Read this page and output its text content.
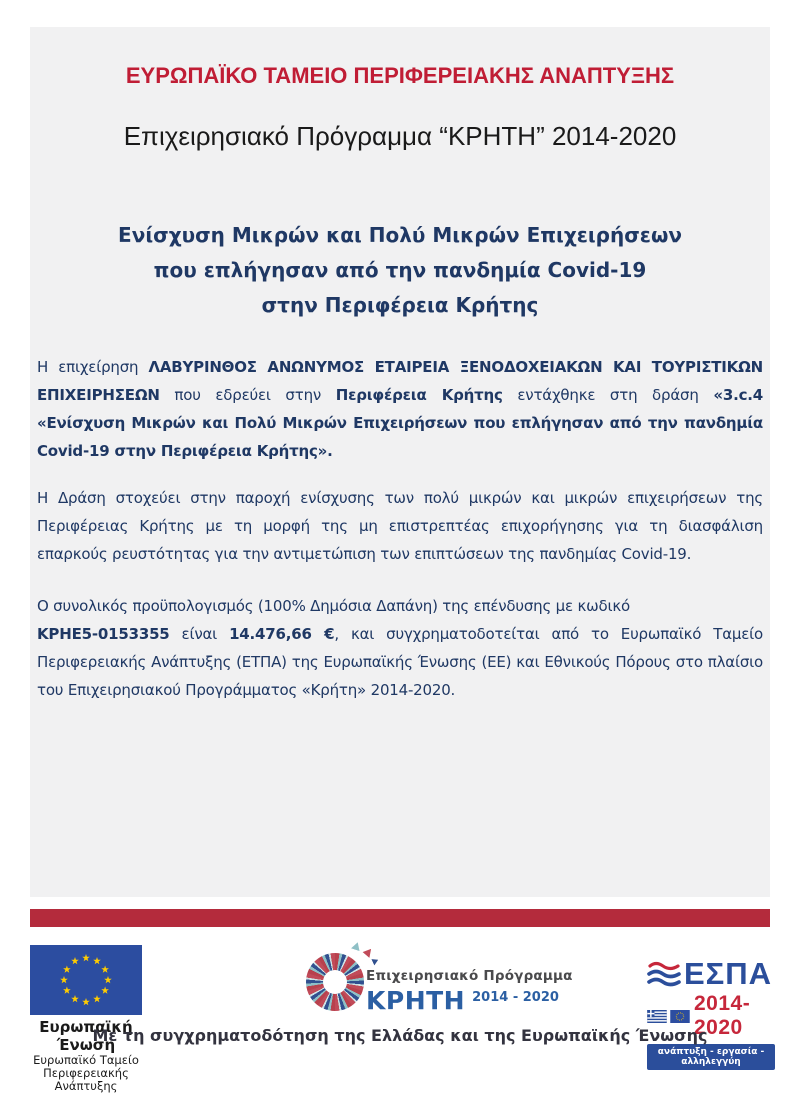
ΕΥΡΩΠΑΪΚΟ ΤΑΜΕΙΟ ΠΕΡΙΦΕΡΕΙΑΚΗΣ ΑΝΑΠΤΥΞΗΣ
Επιχειρησιακό Πρόγραμμα “ΚΡΗΤΗ” 2014-2020
Ενίσχυση Μικρών και Πολύ Μικρών Επιχειρήσεων
που επλήγησαν από την πανδημία Covid-19
στην Περιφέρεια Κρήτης

Η επιχείρηση ΛΑΒΥΡΙΝΘΟΣ ΑΝΩΝΥΜΟΣ ΕΤΑΙΡΕΙΑ ΞΕΝΟΔΟΧΕΙΑΚΩΝ ΚΑΙ ΤΟΥΡΙΣΤΙΚΩΝ ΕΠΙΧΕΙΡΗΣΕΩΝ που εδρεύει στην Περιφέρεια Κρήτης εντάχθηκε στη δράση «3.c.4 «Ενίσχυση Μικρών και Πολύ Μικρών Επιχειρήσεων που επλήγησαν από την πανδημία Covid-19 στην Περιφέρεια Κρήτης».

Η Δράση στοχεύει στην παροχή ενίσχυσης των πολύ μικρών και μικρών επιχειρήσεων της Περιφέρειας Κρήτης με τη μορφή της μη επιστρεπτέας επιχορήγησης για τη διασφάλιση επαρκούς ρευστότητας για την αντιμετώπιση των επιπτώσεων της πανδημίας Covid-19.

Ο συνολικός προϋπολογισμός (100% Δημόσια Δαπάνη) της επένδυσης με κωδικό
ΚΡΗΕ5-0153355 είναι 14.476,66 €, και συγχρηματοδοτείται από το Ευρωπαϊκό Ταμείο Περιφερειακής Ανάπτυξης (ΕΤΠΑ) της Ευρωπαϊκής Ένωσης (ΕΕ) και Εθνικούς Πόρους στο πλαίσιο του Επιχειρησιακού Προγράμματος «Κρήτη» 2014-2020.

Ευρωπαϊκή Ένωση
Ευρωπαϊκό Ταμείο
Περιφερειακής Ανάπτυξης
Επιχειρησιακό Πρόγραμμα
ΚΡΗΤΗ 2014 - 2020
ΕΣΠΑ
2014-2020
ανάπτυξη - εργασία - αλληλεγγύη
Με τη συγχρηματοδότηση της Ελλάδας και της Ευρωπαϊκής Ένωσης
